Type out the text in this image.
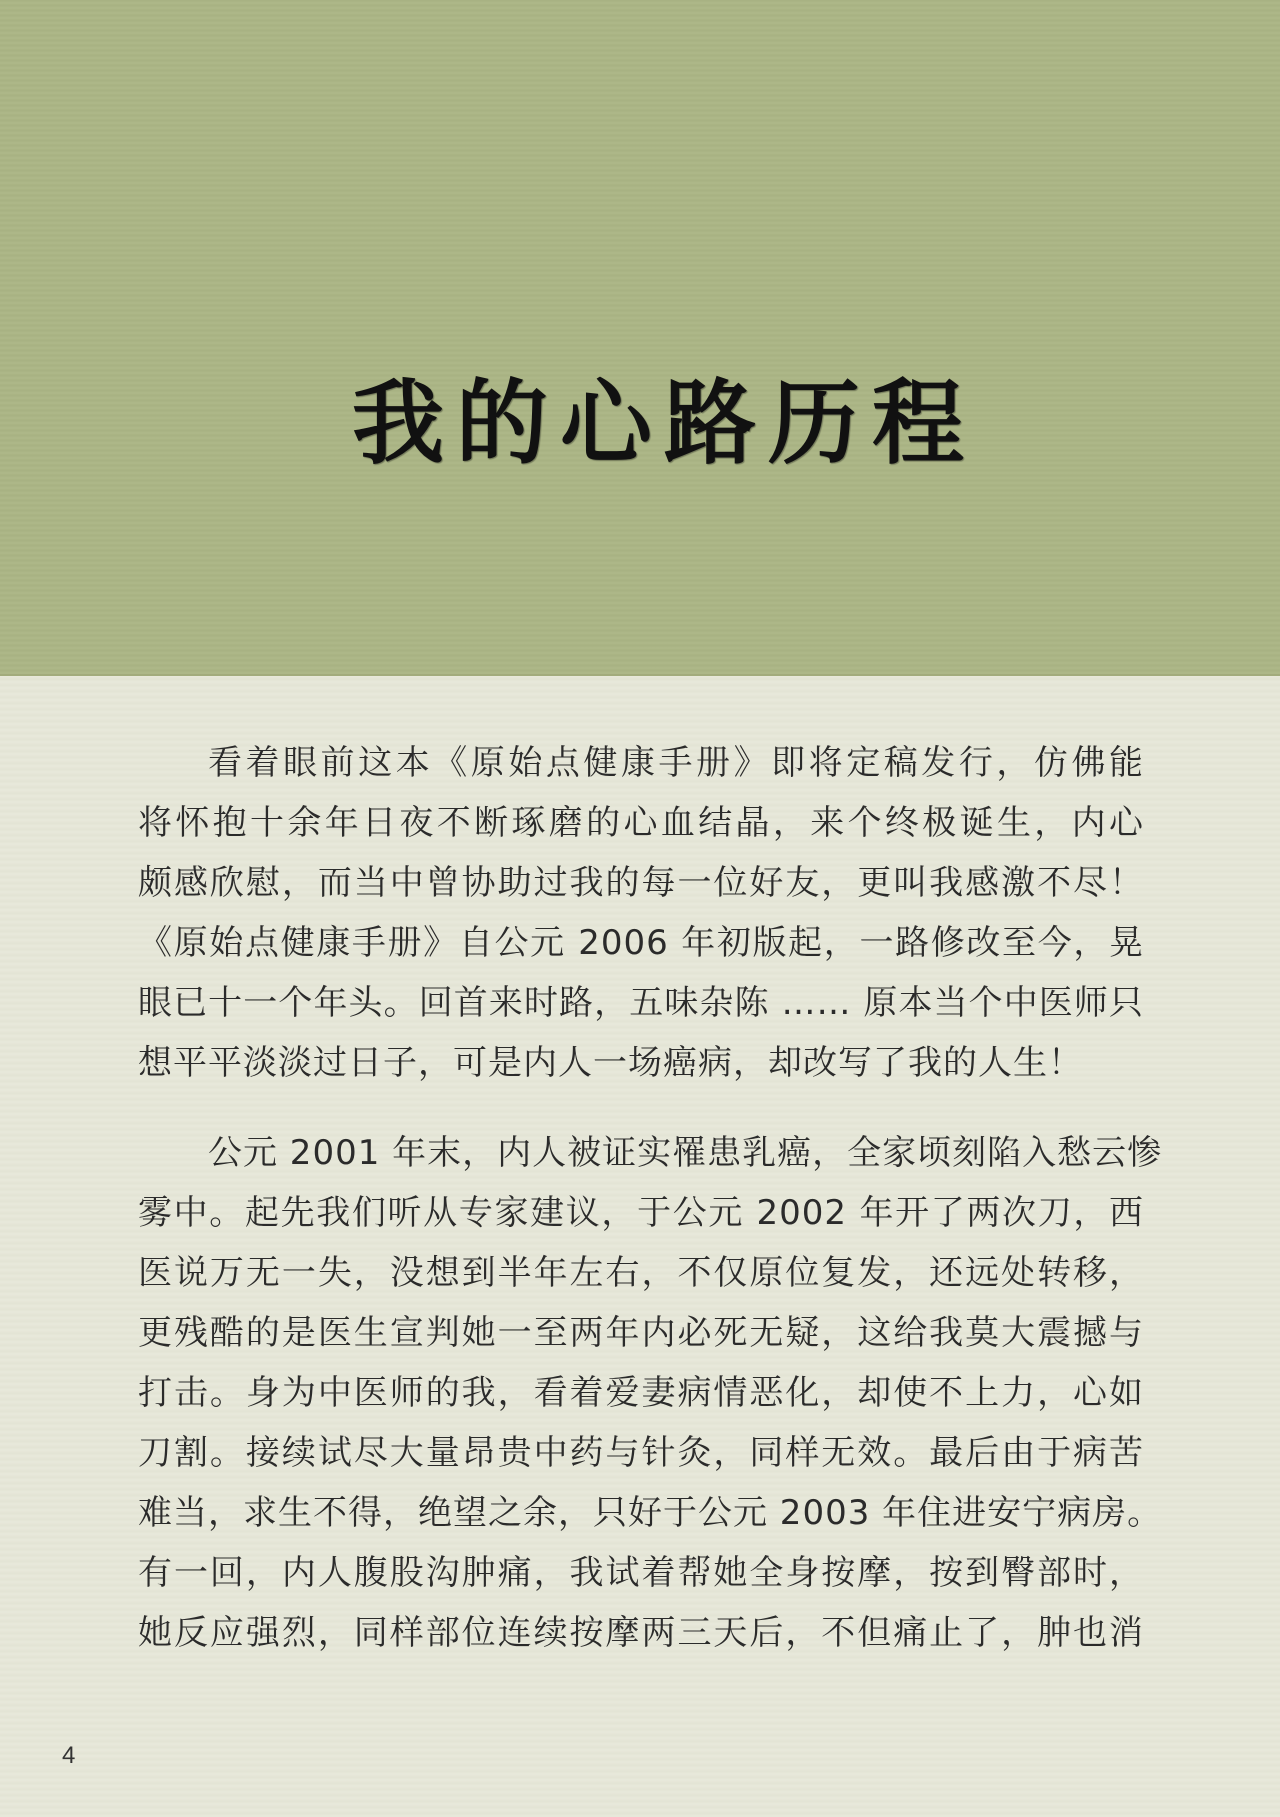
我的心路历程
看着眼前这本《原始点健康手册》即将定稿发行，仿佛能
将怀抱十余年日夜不断琢磨的心血结晶，来个终极诞生，内心
颇感欣慰，而当中曾协助过我的每一位好友，更叫我感激不尽！
《原始点健康手册》自公元 2006 年初版起，一路修改至今，晃
眼已十一个年头。回首来时路，五味杂陈 …… 原本当个中医师只
想平平淡淡过日子，可是内人一场癌病，却改写了我的人生！
公元 2001 年末，内人被证实罹患乳癌，全家顷刻陷入愁云惨
雾中。起先我们听从专家建议，于公元 2002 年开了两次刀，西
医说万无一失，没想到半年左右，不仅原位复发，还远处转移，
更残酷的是医生宣判她一至两年内必死无疑，这给我莫大震撼与
打击。身为中医师的我，看着爱妻病情恶化，却使不上力，心如
刀割。接续试尽大量昂贵中药与针灸，同样无效。最后由于病苦
难当，求生不得，绝望之余，只好于公元 2003 年住进安宁病房。
有一回，内人腹股沟肿痛，我试着帮她全身按摩，按到臀部时，
她反应强烈，同样部位连续按摩两三天后，不但痛止了，肿也消
4
